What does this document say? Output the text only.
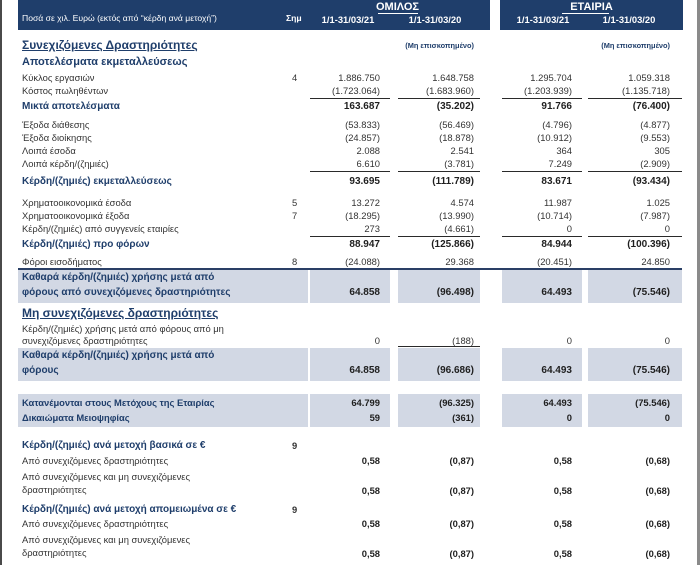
Ποσά σε χιλ. Ευρώ (εκτός από “κέρδη ανά μετοχή”)	Σημ
ΟΜΙΛΟΣ	ΕΤΑΙΡΙΑ
1/1-31/03/21	1/1-31/03/20	1/1-31/03/21	1/1-31/03/20
Συνεχιζόμενες Δραστηριότητες	(Μη επισκοπημένο)	(Μη επισκοπημένο)
Αποτελέσματα εκμεταλλεύσεως
Κύκλος εργασιών	4	1.886.750	1.648.758	1.295.704	1.059.318
Κόστος πωληθέντων	(1.723.064)	(1.683.960)	(1.203.939)	(1.135.718)
Μικτά αποτελέσματα	163.687	(35.202)	91.766	(76.400)
Έξοδα διάθεσης	(53.833)	(56.469)	(4.796)	(4.877)
Έξοδα διοίκησης	(24.857)	(18.878)	(10.912)	(9.553)
Λοιπά έσοδα	2.088	2.541	364	305
Λοιπά κέρδη/(ζημιές)	6.610	(3.781)	7.249	(2.909)
Κέρδη/(ζημιές) εκμεταλλεύσεως	93.695	(111.789)	83.671	(93.434)
Χρηματοοικονομικά έσοδα	5	13.272	4.574	11.987	1.025
Χρηματοοικονομικά έξοδα	7	(18.295)	(13.990)	(10.714)	(7.987)
Κέρδη/(ζημιές) από συγγενείς εταιρίες	273	(4.661)	0	0
Κέρδη/(ζημιές) προ φόρων	88.947	(125.866)	84.944	(100.396)
Φόροι εισοδήματος	8	(24.088)	29.368	(20.451)	24.850
Καθαρά κέρδη/(ζημιές) χρήσης μετά από
φόρους από συνεχιζόμενες δραστηριότητες	64.858	(96.498)	64.493	(75.546)
Μη συνεχιζόμενες δραστηριότητες
Κέρδη/(ζημιές) χρήσης μετά από φόρους από μη
συνεχιζόμενες δραστηριότητες	0	(188)	0	0
Καθαρά κέρδη/(ζημιές) χρήσης μετά από
φόρους	64.858	(96.686)	64.493	(75.546)
Κατανέμονται στους Μετόχους της Εταιρίας	64.799	(96.325)	64.493	(75.546)
Δικαιώματα Μειοψηφίας	59	(361)	0	0
Κέρδη/(ζημιές) ανά μετοχή βασικά σε €	9
Από συνεχιζόμενες δραστηριότητες	0,58	(0,87)	0,58	(0,68)
Από συνεχιζόμενες και μη συνεχιζόμενες
δραστηριότητες	0,58	(0,87)	0,58	(0,68)
Κέρδη/(ζημιές) ανά μετοχή απομειωμένα σε €	9
Από συνεχιζόμενες δραστηριότητες	0,58	(0,87)	0,58	(0,68)
Από συνεχιζόμενες και μη συνεχιζόμενες
δραστηριότητες	0,58	(0,87)	0,58	(0,68)
